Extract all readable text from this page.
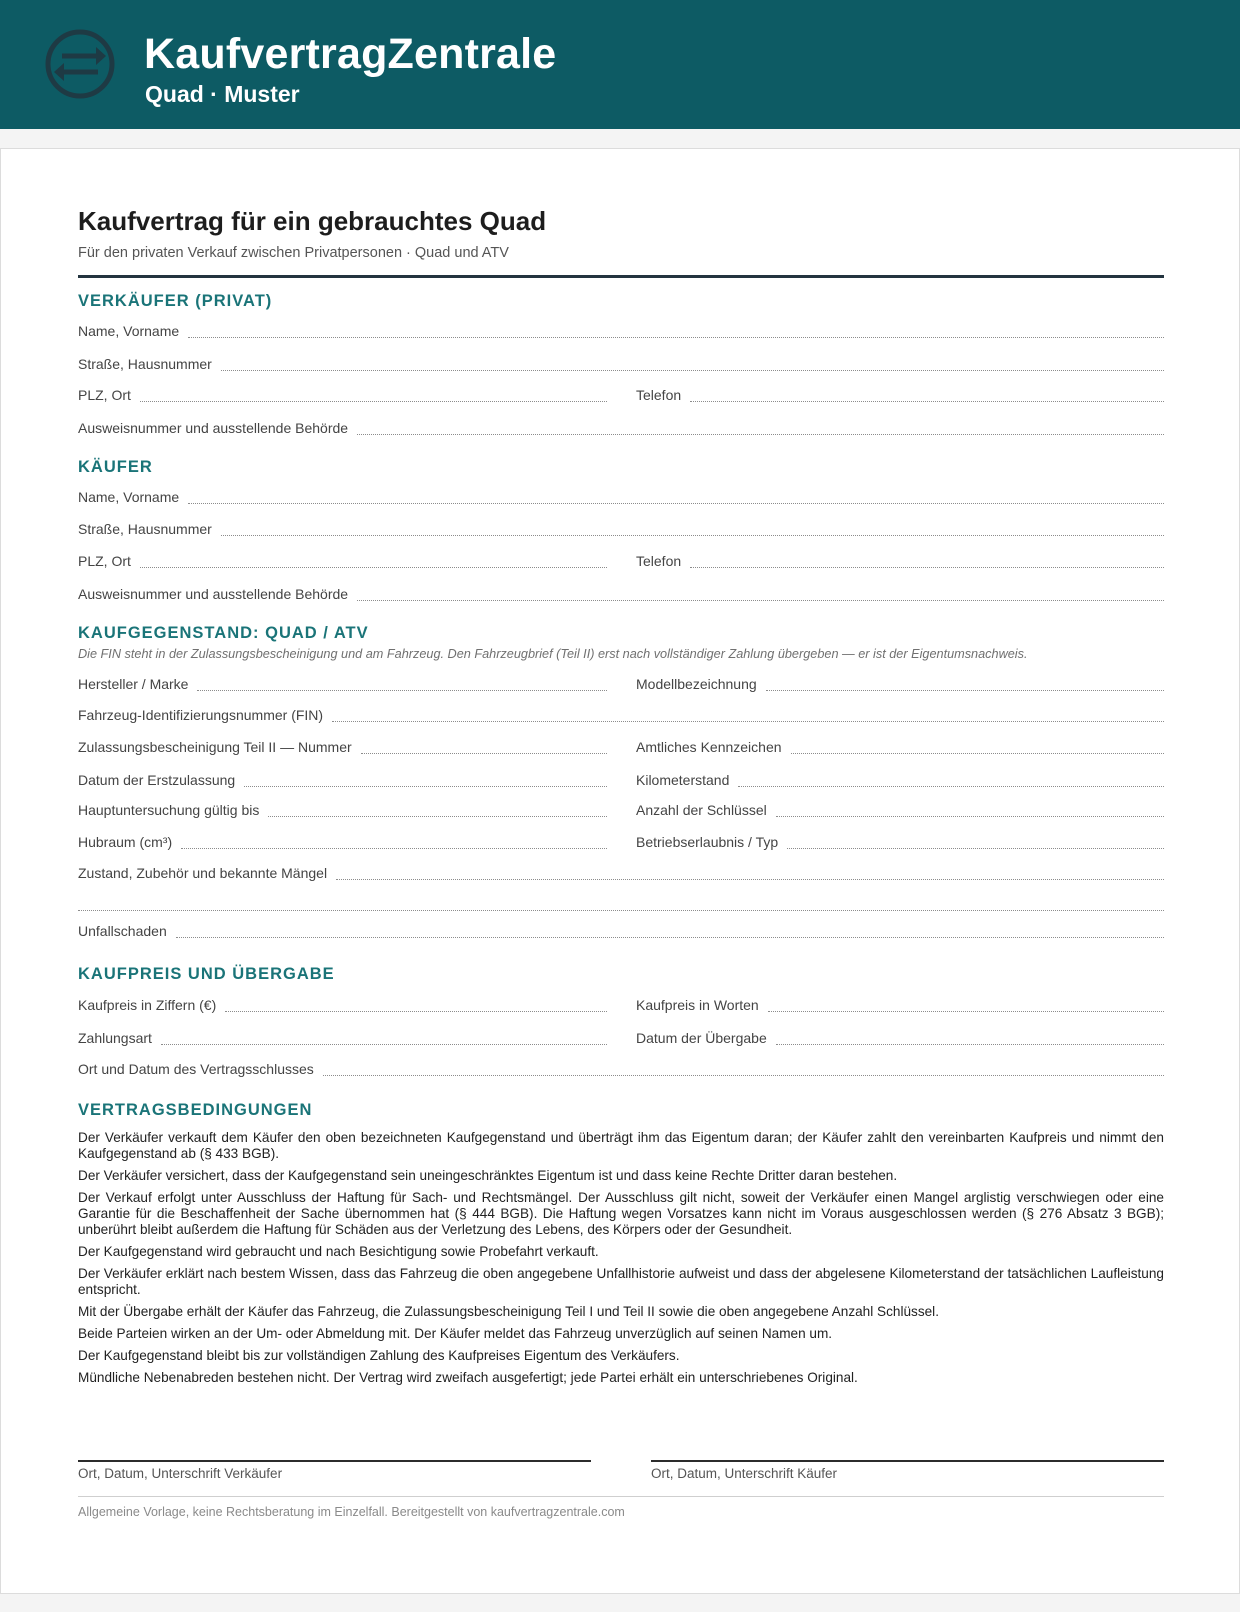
KaufvertragZentrale
Quad · Muster
Kaufvertrag für ein gebrauchtes Quad
Für den privaten Verkauf zwischen Privatpersonen · Quad und ATV
VERKÄUFER (PRIVAT)
Name, Vorname
Straße, Hausnummer
PLZ, Ort	Telefon
Ausweisnummer und ausstellende Behörde
KÄUFER
Name, Vorname
Straße, Hausnummer
PLZ, Ort	Telefon
Ausweisnummer und ausstellende Behörde
KAUFGEGENSTAND: QUAD / ATV
Die FIN steht in der Zulassungsbescheinigung und am Fahrzeug. Den Fahrzeugbrief (Teil II) erst nach vollständiger Zahlung übergeben — er ist der Eigentumsnachweis.
Hersteller / Marke	Modellbezeichnung
Fahrzeug-Identifizierungsnummer (FIN)
Zulassungsbescheinigung Teil II — Nummer	Amtliches Kennzeichen
Datum der Erstzulassung	Kilometerstand
Hauptuntersuchung gültig bis	Anzahl der Schlüssel
Hubraum (cm³)	Betriebserlaubnis / Typ
Zustand, Zubehör und bekannte Mängel
Unfallschaden
KAUFPREIS UND ÜBERGABE
Kaufpreis in Ziffern (€)	Kaufpreis in Worten
Zahlungsart	Datum der Übergabe
Ort und Datum des Vertragsschlusses
VERTRAGSBEDINGUNGEN

Der Verkäufer verkauft dem Käufer den oben bezeichneten Kaufgegenstand und überträgt ihm das Eigentum daran; der Käufer zahlt den vereinbarten Kaufpreis und nimmt den Kaufgegenstand ab (§ 433 BGB).

Der Verkäufer versichert, dass der Kaufgegenstand sein uneingeschränktes Eigentum ist und dass keine Rechte Dritter daran bestehen.

Der Verkauf erfolgt unter Ausschluss der Haftung für Sach- und Rechtsmängel. Der Ausschluss gilt nicht, soweit der Verkäufer einen Mangel arglistig verschwiegen oder eine Garantie für die Beschaffenheit der Sache übernommen hat (§ 444 BGB). Die Haftung wegen Vorsatzes kann nicht im Voraus ausgeschlossen werden (§ 276 Absatz 3 BGB); unberührt bleibt außerdem die Haftung für Schäden aus der Verletzung des Lebens, des Körpers oder der Gesundheit.

Der Kaufgegenstand wird gebraucht und nach Besichtigung sowie Probefahrt verkauft.

Der Verkäufer erklärt nach bestem Wissen, dass das Fahrzeug die oben angegebene Unfallhistorie aufweist und dass der abgelesene Kilometerstand der tatsächlichen Laufleistung entspricht.

Mit der Übergabe erhält der Käufer das Fahrzeug, die Zulassungsbescheinigung Teil I und Teil II sowie die oben angegebene Anzahl Schlüssel.

Beide Parteien wirken an der Um- oder Abmeldung mit. Der Käufer meldet das Fahrzeug unverzüglich auf seinen Namen um.

Der Kaufgegenstand bleibt bis zur vollständigen Zahlung des Kaufpreises Eigentum des Verkäufers.

Mündliche Nebenabreden bestehen nicht. Der Vertrag wird zweifach ausgefertigt; jede Partei erhält ein unterschriebenes Original.

Ort, Datum, Unterschrift Verkäufer	Ort, Datum, Unterschrift Käufer
Allgemeine Vorlage, keine Rechtsberatung im Einzelfall. Bereitgestellt von kaufvertragzentrale.com
